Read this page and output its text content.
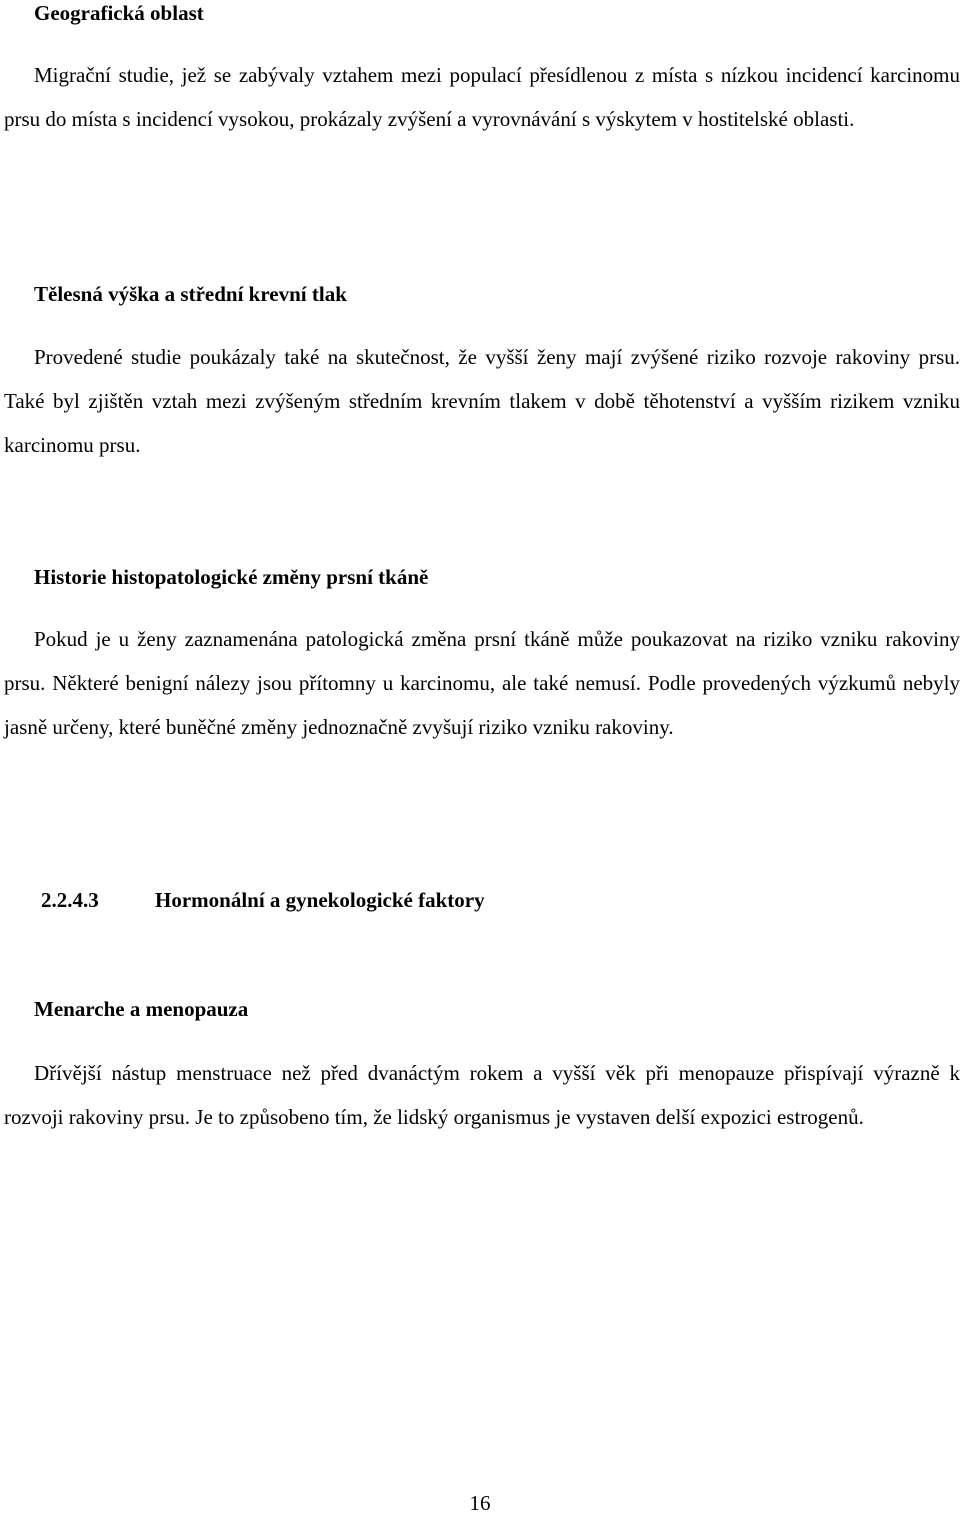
Geografická oblast

Migrační studie, jež se zabývaly vztahem mezi populací přesídlenou z místa s nízkou incidencí karcinomu prsu do místa s incidencí vysokou, prokázaly zvýšení a vyrovnávání s výskytem v hostitelské oblasti.

Tělesná výška a střední krevní tlak

Provedené studie poukázaly také na skutečnost, že vyšší ženy mají zvýšené riziko rozvoje rakoviny prsu. Také byl zjištěn vztah mezi zvýšeným středním krevním tlakem v době těhotenství a vyšším rizikem vzniku karcinomu prsu.

Historie histopatologické změny prsní tkáně

Pokud je u ženy zaznamenána patologická změna prsní tkáně může poukazovat na riziko vzniku rakoviny prsu. Některé benigní nálezy jsou přítomny u karcinomu, ale také nemusí. Podle provedených výzkumů nebyly jasně určeny, které buněčné změny jednoznačně zvyšují riziko vzniku rakoviny.

2.2.4.3	Hormonální a gynekologické faktory
Menarche a menopauza

Dřívější nástup menstruace než před dvanáctým rokem a vyšší věk při menopauze přispívají výrazně k rozvoji rakoviny prsu. Je to způsobeno tím, že lidský organismus je vystaven delší expozici estrogenů.

16
